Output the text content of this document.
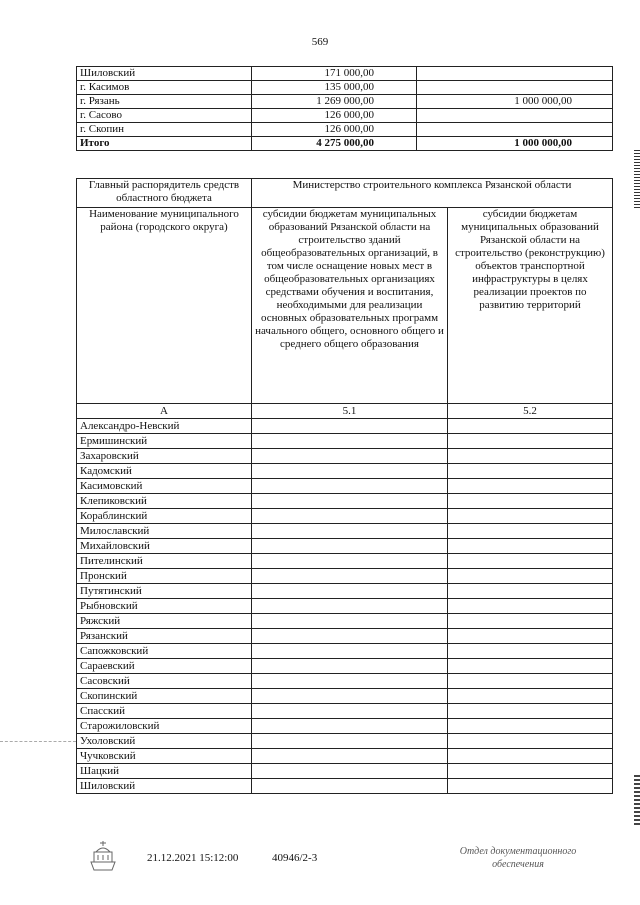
569
Шиловский	171 000,00	
г. Касимов	135 000,00	
г. Рязань	1 269 000,00	1 000 000,00
г. Сасово	126 000,00	
г. Скопин	126 000,00	
Итого	4 275 000,00	1 000 000,00
Главный распорядитель средств областного бюджета	Министерство строительного комплекса Рязанской области	
Наименование муниципального района (городского округа)	субсидии бюджетам муниципальных образований Рязанской области на строительство зданий общеобразовательных организаций, в том числе оснащение новых мест в общеобразовательных организациях средствами обучения и воспитания, необходимыми для реализации основных образовательных программ начального общего, основного общего и среднего общего образования	субсидии бюджетам муниципальных образований Рязанской области на строительство (реконструкцию) объектов транспортной инфраструктуры в целях реализации проектов по развитию территорий
А	5.1	5.2
Александро-Невский		
Ермишинский		
Захаровский		
Кадомский		
Касимовский		
Клепиковский		
Кораблинский		
Милославский		
Михайловский		
Пителинский		
Пронский		
Путятинский		
Рыбновский		
Ряжский		
Рязанский		
Сапожковский		
Сараевский		
Сасовский		
Скопинский		
Спасский		
Старожиловский		
Ухоловский		
Чучковский		
Шацкий		
Шиловский		
21.12.2021 15:12:00	40946/2-3
Отдел документационного
обеспечения
